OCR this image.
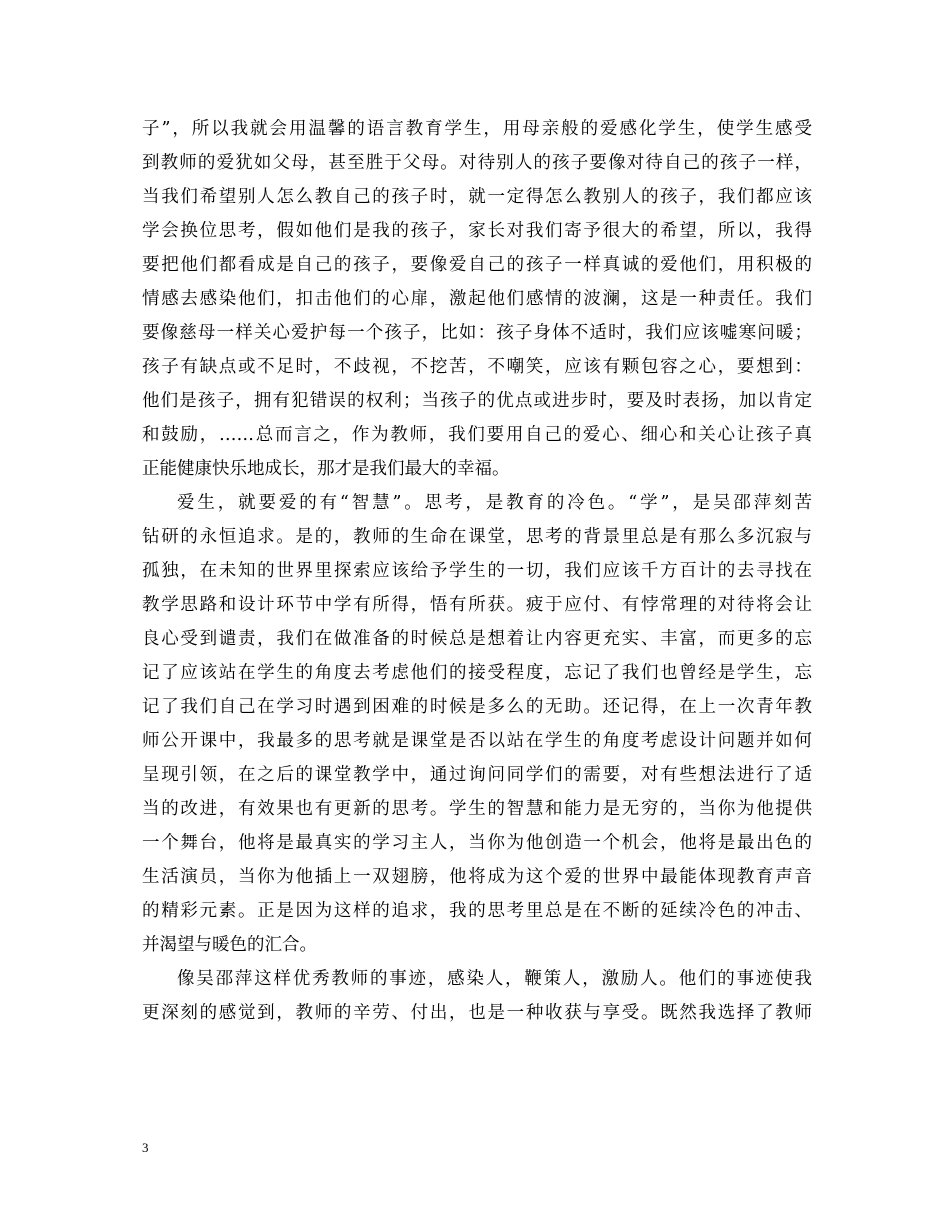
子”，所以我就会用温馨的语言教育学生，用母亲般的爱感化学生，使学生感受
到教师的爱犹如父母，甚至胜于父母。对待别人的孩子要像对待自己的孩子一样，
当我们希望别人怎么教自己的孩子时，就一定得怎么教别人的孩子，我们都应该
学会换位思考，假如他们是我的孩子，家长对我们寄予很大的希望，所以，我得
要把他们都看成是自己的孩子，要像爱自己的孩子一样真诚的爱他们，用积极的
情感去感染他们，扣击他们的心扉，激起他们感情的波澜，这是一种责任。我们
要像慈母一样关心爱护每一个孩子，比如：孩子身体不适时，我们应该嘘寒问暖；
孩子有缺点或不足时，不歧视，不挖苦，不嘲笑，应该有颗包容之心，要想到：
他们是孩子，拥有犯错误的权利；当孩子的优点或进步时，要及时表扬，加以肯定
和鼓励，……总而言之，作为教师，我们要用自己的爱心、细心和关心让孩子真
正能健康快乐地成长，那才是我们最大的幸福。
爱生，就要爱的有“智慧”。思考，是教育的冷色。“学”，是吴邵萍刻苦
钻研的永恒追求。是的，教师的生命在课堂，思考的背景里总是有那么多沉寂与
孤独，在未知的世界里探索应该给予学生的一切，我们应该千方百计的去寻找在
教学思路和设计环节中学有所得，悟有所获。疲于应付、有悖常理的对待将会让
良心受到谴责，我们在做准备的时候总是想着让内容更充实、丰富，而更多的忘
记了应该站在学生的角度去考虑他们的接受程度，忘记了我们也曾经是学生，忘
记了我们自己在学习时遇到困难的时候是多么的无助。还记得，在上一次青年教
师公开课中，我最多的思考就是课堂是否以站在学生的角度考虑设计问题并如何
呈现引领，在之后的课堂教学中，通过询问同学们的需要，对有些想法进行了适
当的改进，有效果也有更新的思考。学生的智慧和能力是无穷的，当你为他提供
一个舞台，他将是最真实的学习主人，当你为他创造一个机会，他将是最出色的
生活演员，当你为他插上一双翅膀，他将成为这个爱的世界中最能体现教育声音
的精彩元素。正是因为这样的追求，我的思考里总是在不断的延续冷色的冲击、
并渴望与暖色的汇合。
像吴邵萍这样优秀教师的事迹，感染人，鞭策人，激励人。他们的事迹使我
更深刻的感觉到，教师的辛劳、付出，也是一种收获与享受。既然我选择了教师
3
